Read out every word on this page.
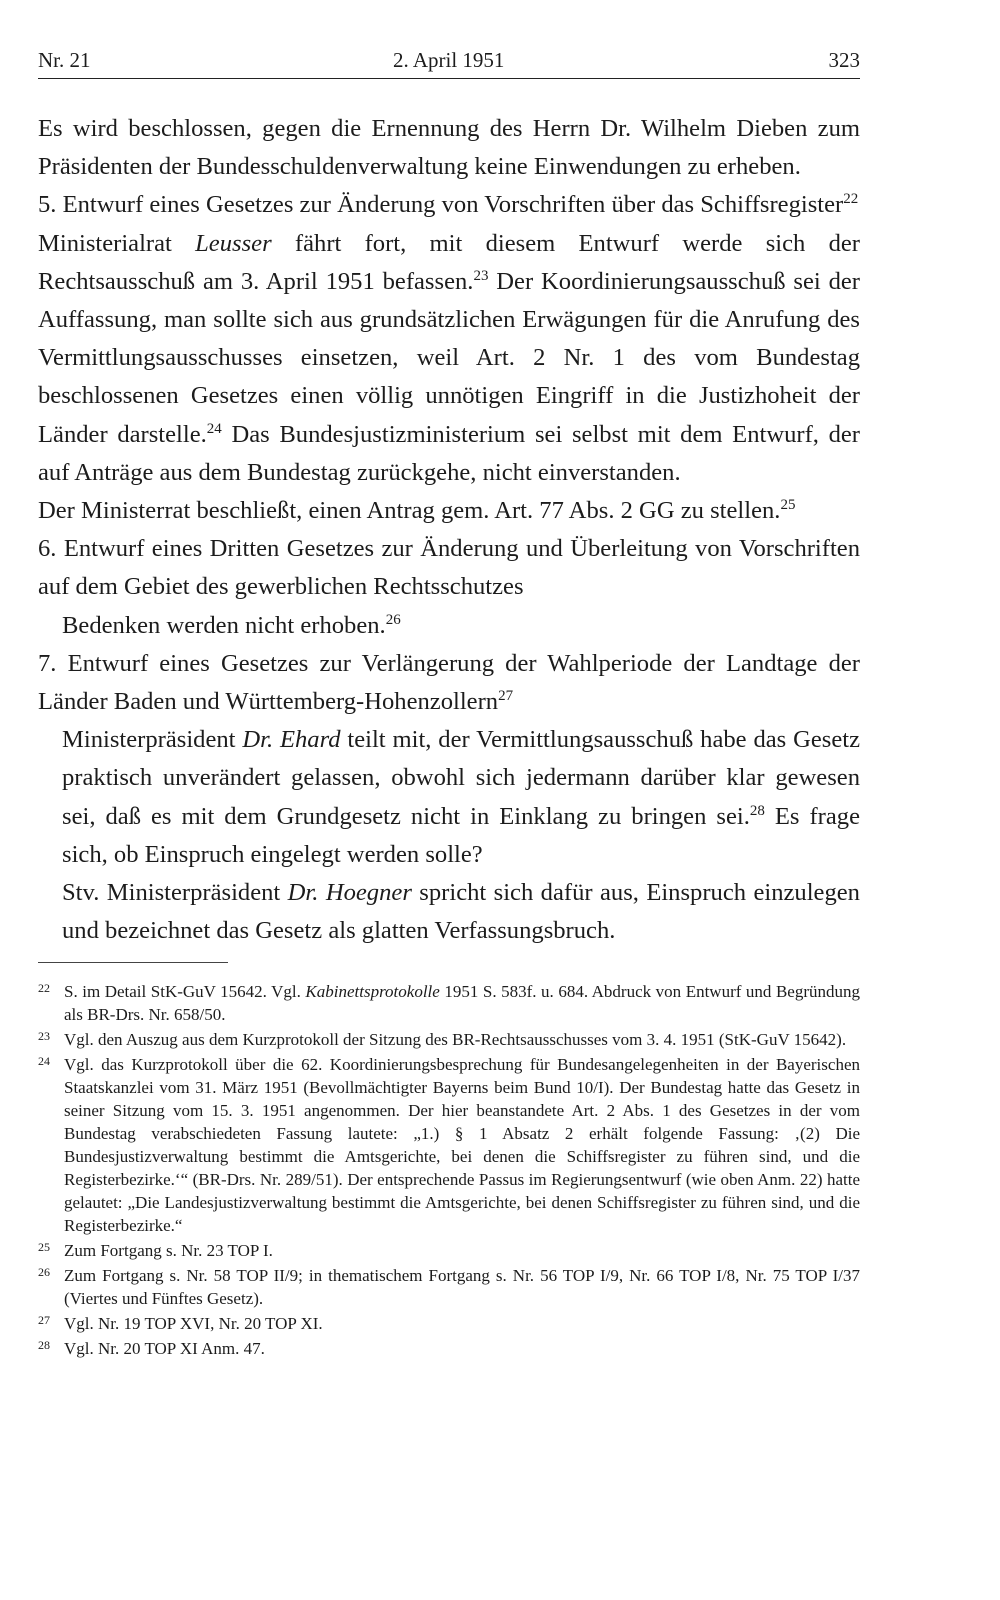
Nr. 21	2. April 1951	323

Es wird beschlossen, gegen die Ernennung des Herrn Dr. Wilhelm Dieben zum Präsidenten der Bundesschuldenverwaltung keine Einwendungen zu erheben.

5. Entwurf eines Gesetzes zur Änderung von Vorschriften über das Schiffsregister$^{22}$

Ministerialrat Leusser fährt fort, mit diesem Entwurf werde sich der Rechtsausschuß am 3. April 1951 befassen.$^{23}$ Der Koordinierungsausschuß sei der Auffassung, man sollte sich aus grundsätzlichen Erwägungen für die Anrufung des Vermittlungsausschusses einsetzen, weil Art. 2 Nr. 1 des vom Bundestag beschlossenen Gesetzes einen völlig unnötigen Eingriff in die Justizhoheit der Länder darstelle.$^{24}$ Das Bundesjustizministerium sei selbst mit dem Entwurf, der auf Anträge aus dem Bundestag zurückgehe, nicht einverstanden.

Der Ministerrat beschließt, einen Antrag gem. Art. 77 Abs. 2 GG zu stellen.$^{25}$

6. Entwurf eines Dritten Gesetzes zur Änderung und Überleitung von Vorschriften auf dem Gebiet des gewerblichen Rechtsschutzes

Bedenken werden nicht erhoben.$^{26}$

7. Entwurf eines Gesetzes zur Verlängerung der Wahlperiode der Landtage der Länder Baden und Württemberg-Hohenzollern$^{27}$

Ministerpräsident Dr. Ehard teilt mit, der Vermittlungsausschuß habe das Gesetz praktisch unverändert gelassen, obwohl sich jedermann darüber klar gewesen sei, daß es mit dem Grundgesetz nicht in Einklang zu bringen sei.$^{28}$ Es frage sich, ob Einspruch eingelegt werden solle?

Stv. Ministerpräsident Dr. Hoegner spricht sich dafür aus, Einspruch einzulegen und bezeichnet das Gesetz als glatten Verfassungsbruch.

22 S. im Detail StK-GuV 15642. Vgl. Kabinettsprotokolle 1951 S. 583f. u. 684. Abdruck von Entwurf und Begründung als BR-Drs. Nr. 658/50.

23 Vgl. den Auszug aus dem Kurzprotokoll der Sitzung des BR-Rechtsausschusses vom 3. 4. 1951 (StK-GuV 15642).

24 Vgl. das Kurzprotokoll über die 62. Koordinierungsbesprechung für Bundesangelegenheiten in der Bayerischen Staatskanzlei vom 31. März 1951 (Bevollmächtigter Bayerns beim Bund 10/I). Der Bundestag hatte das Gesetz in seiner Sitzung vom 15. 3. 1951 angenommen. Der hier beanstandete Art. 2 Abs. 1 des Gesetzes in der vom Bundestag verabschiedeten Fassung lautete: „1.) § 1 Absatz 2 erhält folgende Fassung: ‚(2) Die Bundesjustizverwaltung bestimmt die Amtsgerichte, bei denen die Schiffsregister zu führen sind, und die Registerbezirke.‘“ (BR-Drs. Nr. 289/51). Der entsprechende Passus im Regierungsentwurf (wie oben Anm. 22) hatte gelautet: „Die Landesjustizverwaltung bestimmt die Amtsgerichte, bei denen Schiffsregister zu führen sind, und die Registerbezirke.“

25 Zum Fortgang s. Nr. 23 TOP I.

26 Zum Fortgang s. Nr. 58 TOP II/9; in thematischem Fortgang s. Nr. 56 TOP I/9, Nr. 66 TOP I/8, Nr. 75 TOP I/37 (Viertes und Fünftes Gesetz).

27 Vgl. Nr. 19 TOP XVI, Nr. 20 TOP XI.

28 Vgl. Nr. 20 TOP XI Anm. 47.
